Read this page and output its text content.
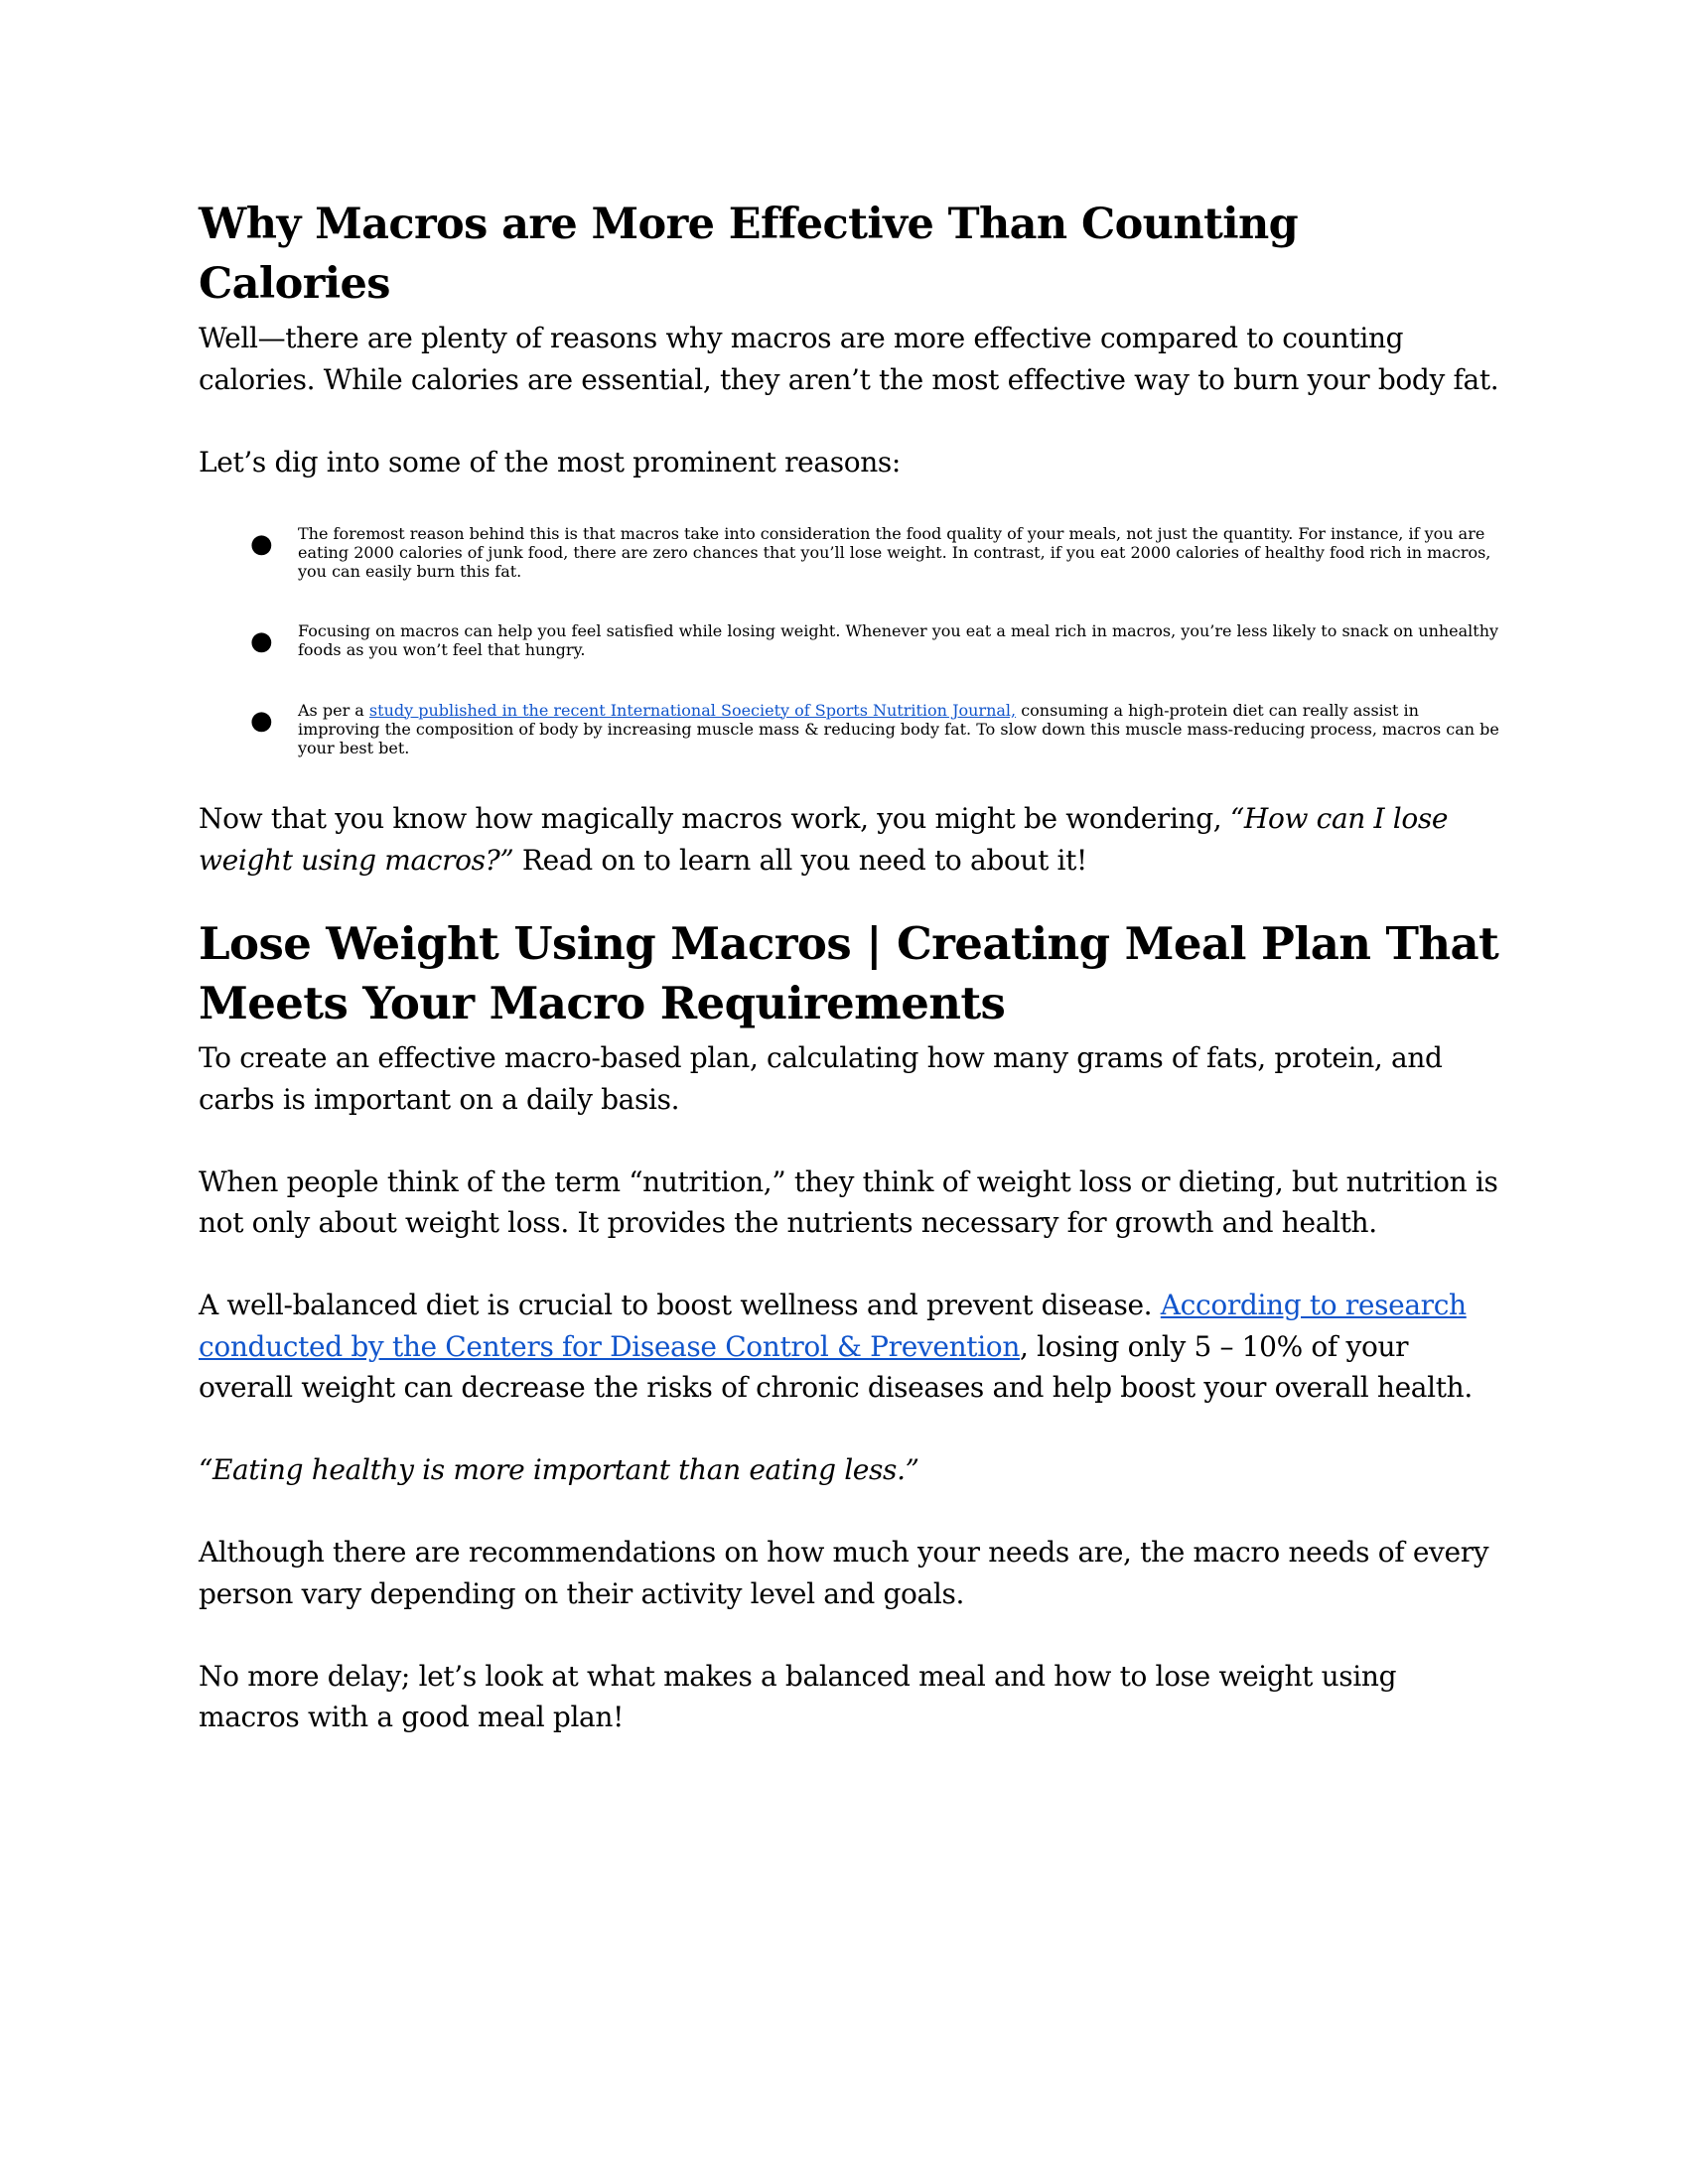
Why Macros are More Effective Than Counting Calories

Well—there are plenty of reasons why macros are more effective compared to counting calories. While calories are essential, they aren’t the most effective way to burn your body fat.

Let’s dig into some of the most prominent reasons:

● The foremost reason behind this is that macros take into consideration the food quality of your meals, not just the quantity. For instance, if you are eating 2000 calories of junk food, there are zero chances that you’ll lose weight. In contrast, if you eat 2000 calories of healthy food rich in macros, you can easily burn this fat.
● Focusing on macros can help you feel satisfied while losing weight. Whenever you eat a meal rich in macros, you’re less likely to snack on unhealthy foods as you won’t feel that hungry.
● As per a study published in the recent International Soeciety of Sports Nutrition Journal, consuming a high-protein diet can really assist in improving the composition of body by increasing muscle mass & reducing body fat. To slow down this muscle mass-reducing process, macros can be your best bet.

Now that you know how magically macros work, you might be wondering, “How can I lose weight using macros?” Read on to learn all you need to about it!

Lose Weight Using Macros | Creating Meal Plan That Meets Your Macro Requirements

To create an effective macro-based plan, calculating how many grams of fats, protein, and carbs is important on a daily basis.

When people think of the term “nutrition,” they think of weight loss or dieting, but nutrition is not only about weight loss. It provides the nutrients necessary for growth and health.

A well-balanced diet is crucial to boost wellness and prevent disease. According to research conducted by the Centers for Disease Control & Prevention, losing only 5 – 10% of your overall weight can decrease the risks of chronic diseases and help boost your overall health.

“Eating healthy is more important than eating less.”

Although there are recommendations on how much your needs are, the macro needs of every person vary depending on their activity level and goals.

No more delay; let’s look at what makes a balanced meal and how to lose weight using macros with a good meal plan!
